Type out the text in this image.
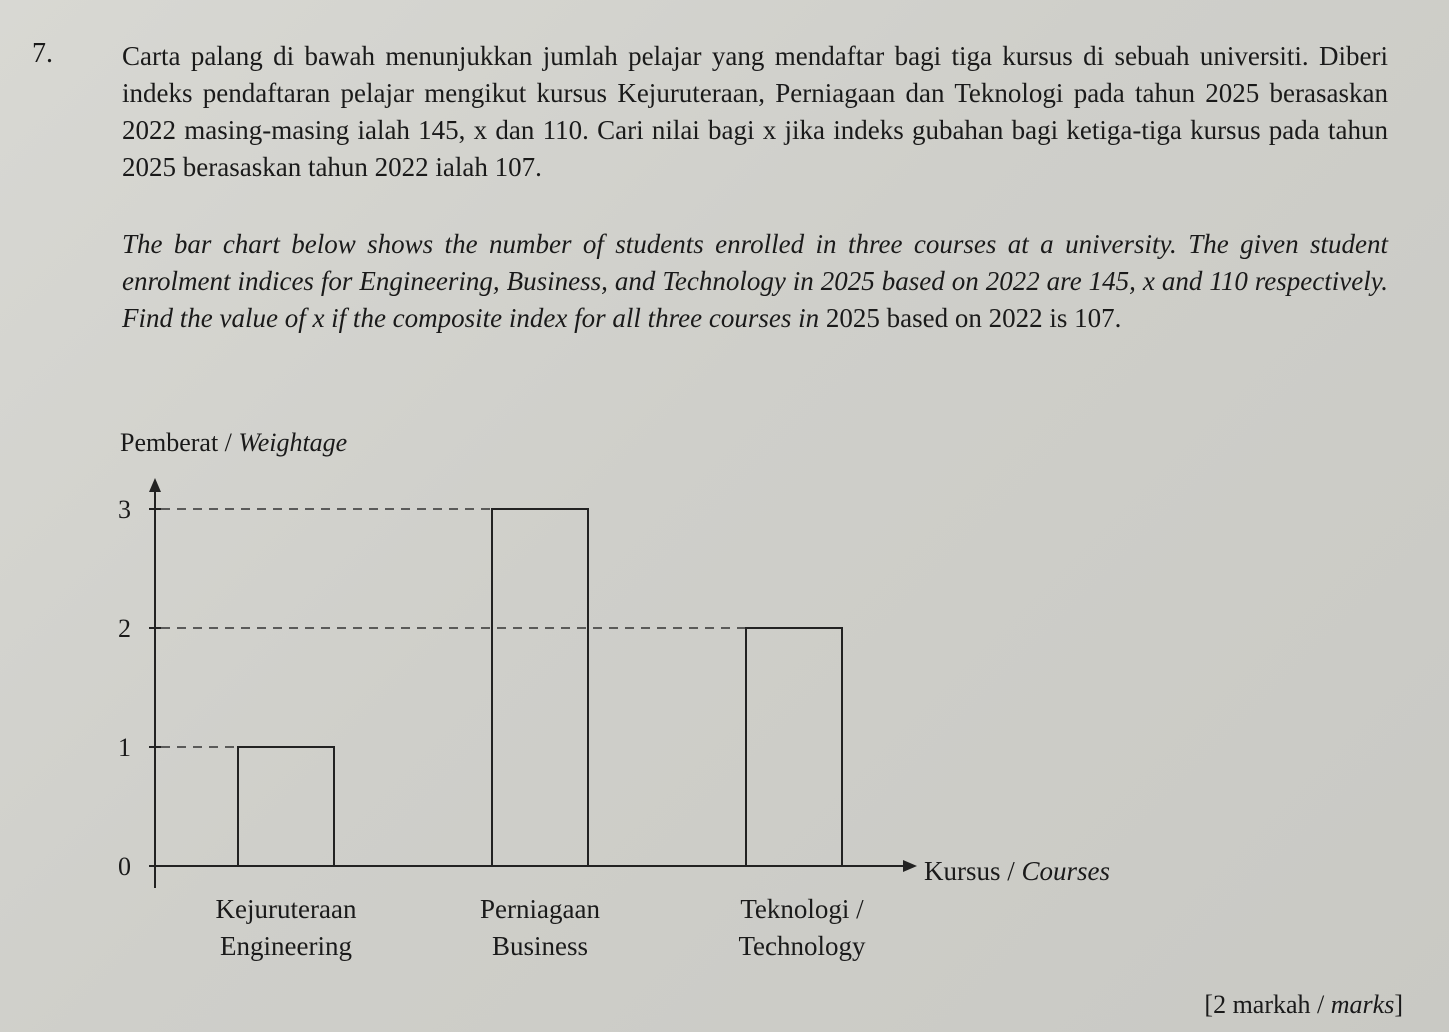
7.	Carta palang di bawah menunjukkan jumlah pelajar yang mendaftar bagi tiga kursus di sebuah universiti. Diberi indeks pendaftaran pelajar mengikut kursus Kejuruteraan, Perniagaan dan Teknologi pada tahun 2025 berasaskan 2022 masing-masing ialah 145, x dan 110. Cari nilai bagi x jika indeks gubahan bagi ketiga-tiga kursus pada tahun 2025 berasaskan tahun 2022 ialah 107.
The bar chart below shows the number of students enrolled in three courses at a university. The given student enrolment indices for Engineering, Business, and Technology in 2025 based on 2022 are 145, x and 110 respectively. Find the value of x if the composite index for all three courses in 2025 based on 2022 is 107.
Pemberat / Weightage
0
1
2
3
Kejuruteraan
Engineering
Perniagaan
Business
Teknologi /
Technology
Kursus / Courses
[2 markah / marks]
